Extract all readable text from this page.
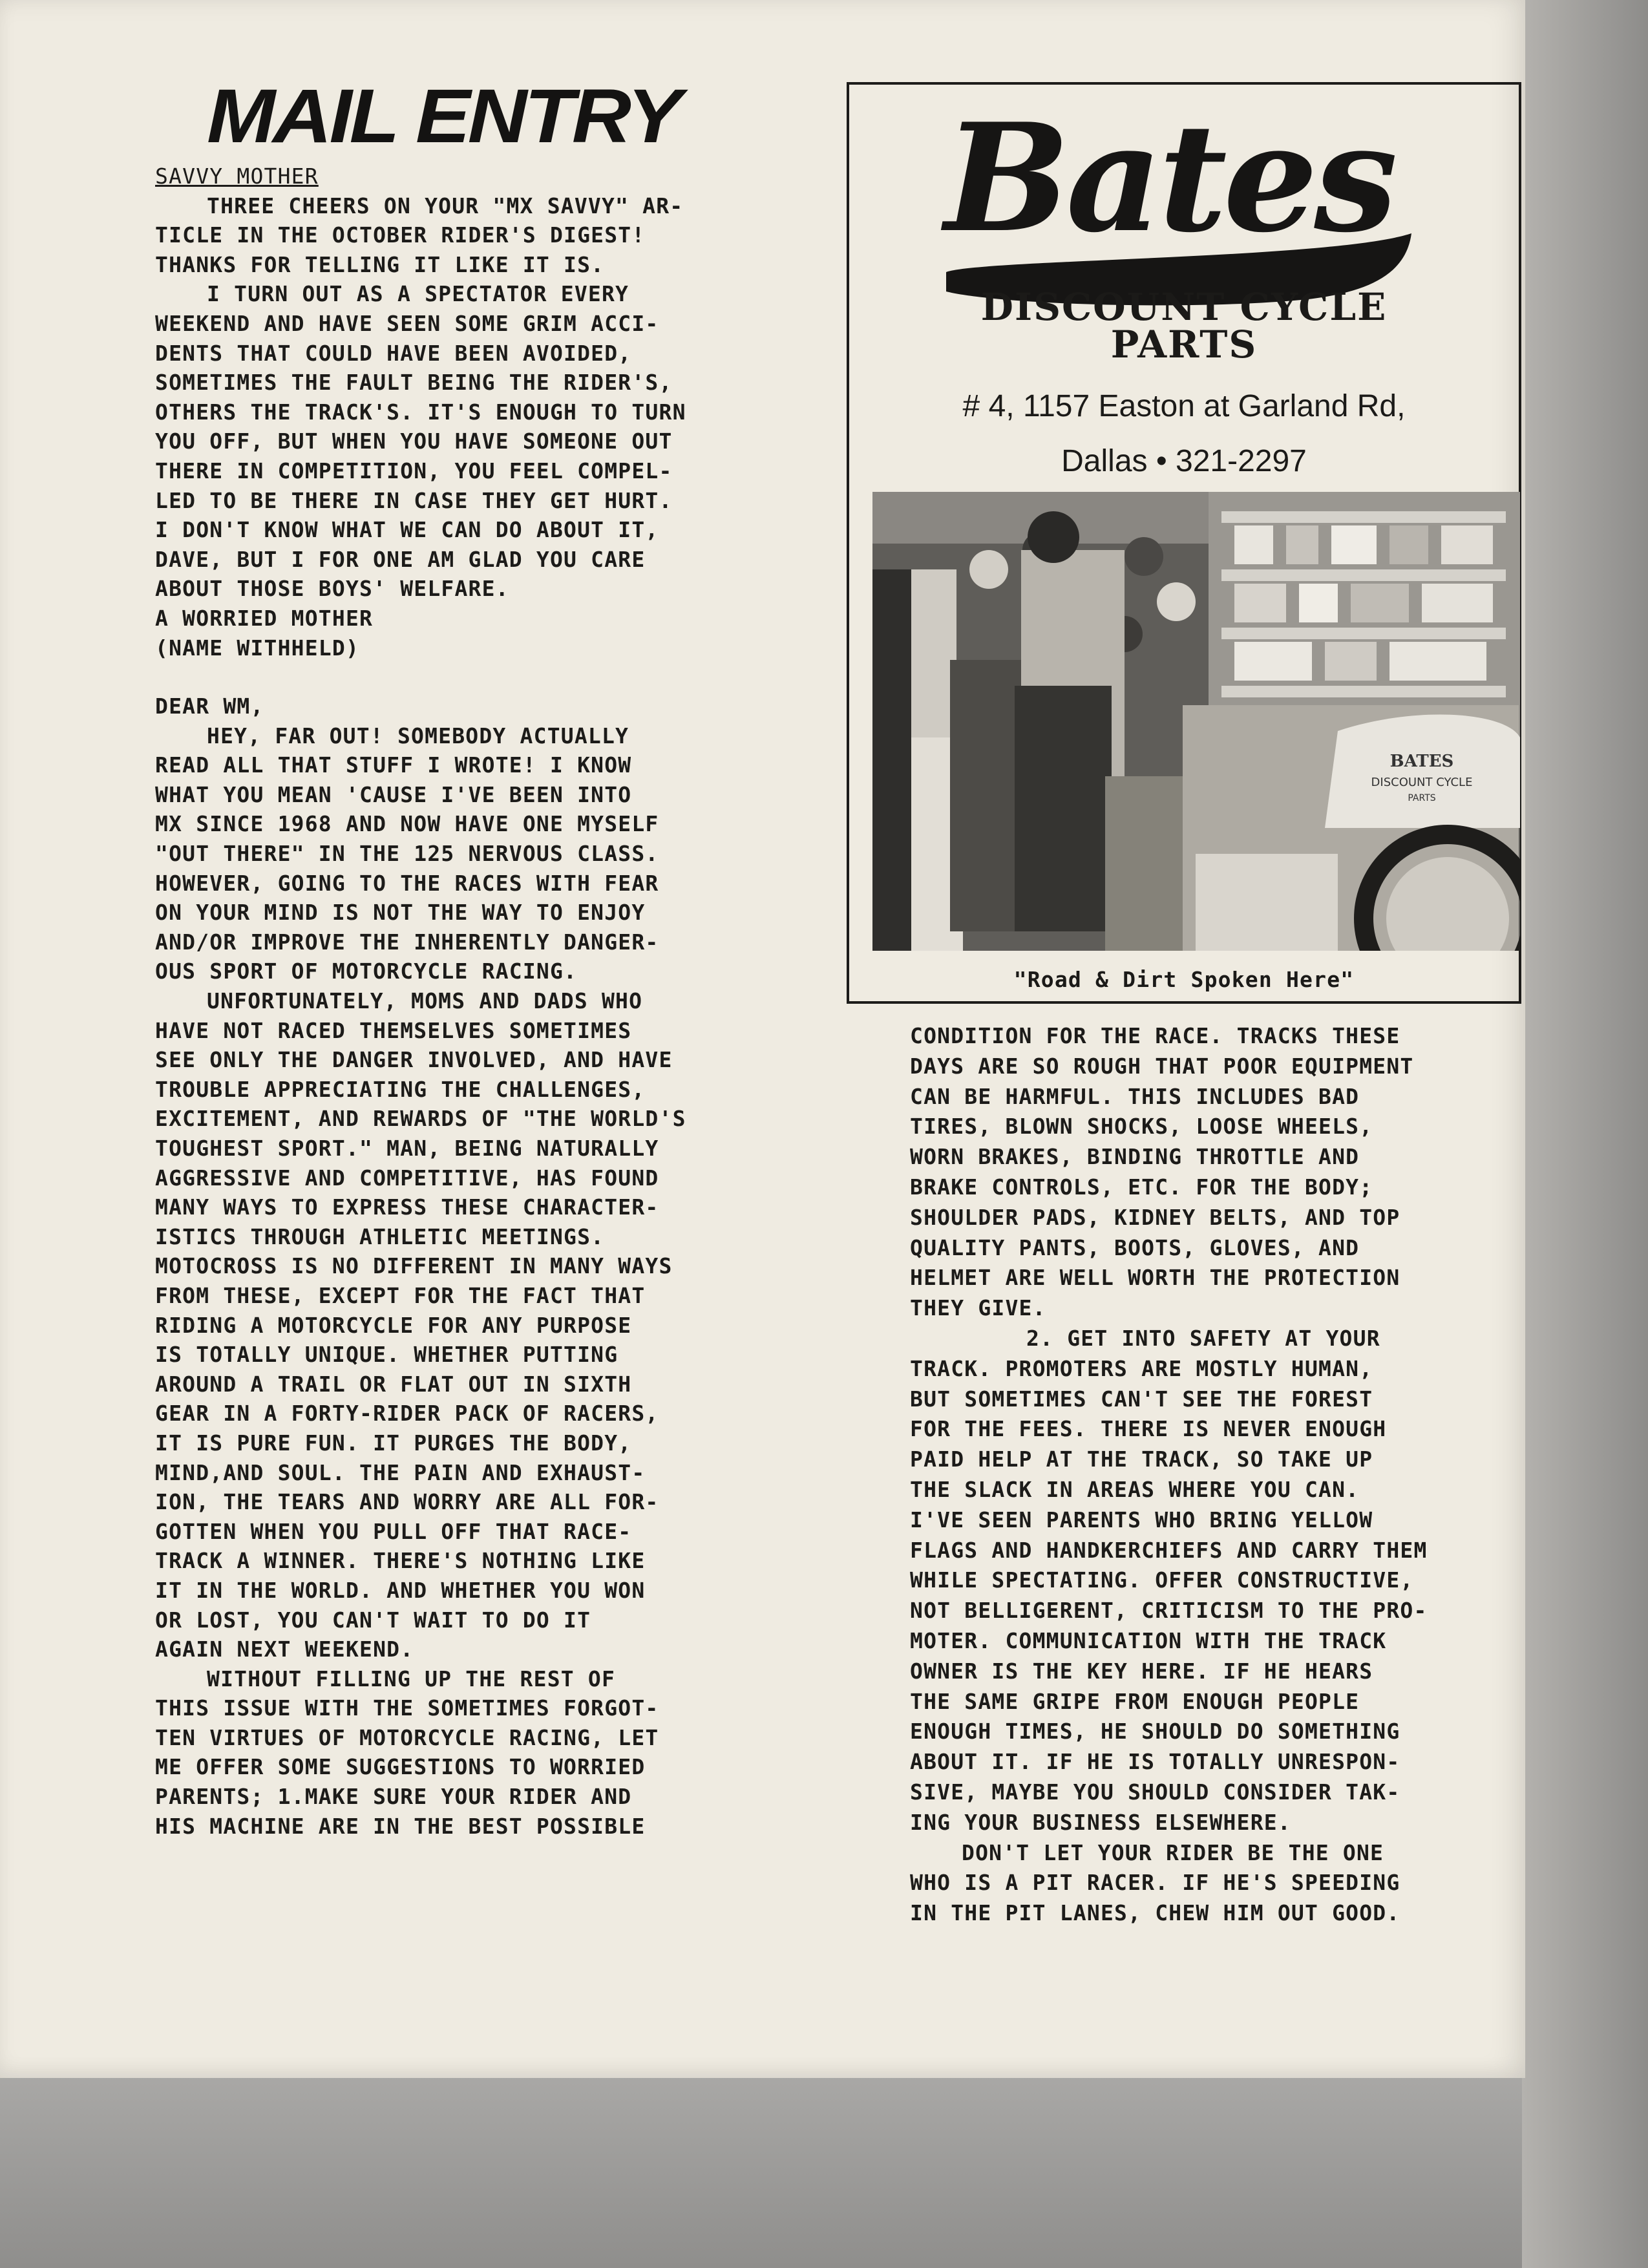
MAIL ENTRY

SAVVY MOTHER

THREE CHEERS ON YOUR "MX SAVVY" AR-

TICLE IN THE OCTOBER RIDER'S DIGEST!

THANKS FOR TELLING IT LIKE IT IS.

I TURN OUT AS A SPECTATOR EVERY

WEEKEND AND HAVE SEEN SOME GRIM ACCI-

DENTS THAT COULD HAVE BEEN AVOIDED,

SOMETIMES THE FAULT BEING THE RIDER'S,

OTHERS THE TRACK'S. IT'S ENOUGH TO TURN

YOU OFF, BUT WHEN YOU HAVE SOMEONE OUT

THERE IN COMPETITION, YOU FEEL COMPEL-

LED TO BE THERE IN CASE THEY GET HURT.

I DON'T KNOW WHAT WE CAN DO ABOUT IT,

DAVE, BUT I FOR ONE AM GLAD YOU CARE

ABOUT THOSE BOYS' WELFARE.

A WORRIED MOTHER

(NAME WITHHELD)

DEAR WM,

HEY, FAR OUT! SOMEBODY ACTUALLY

READ ALL THAT STUFF I WROTE! I KNOW

WHAT YOU MEAN 'CAUSE I'VE BEEN INTO

MX SINCE 1968 AND NOW HAVE ONE MYSELF

"OUT THERE" IN THE 125 NERVOUS CLASS.

HOWEVER, GOING TO THE RACES WITH FEAR

ON YOUR MIND IS NOT THE WAY TO ENJOY

AND/OR IMPROVE THE INHERENTLY DANGER-

OUS SPORT OF MOTORCYCLE RACING.

UNFORTUNATELY, MOMS AND DADS WHO

HAVE NOT RACED THEMSELVES SOMETIMES

SEE ONLY THE DANGER INVOLVED, AND HAVE

TROUBLE APPRECIATING THE CHALLENGES,

EXCITEMENT, AND REWARDS OF "THE WORLD'S

TOUGHEST SPORT." MAN, BEING NATURALLY

AGGRESSIVE AND COMPETITIVE, HAS FOUND

MANY WAYS TO EXPRESS THESE CHARACTER-

ISTICS THROUGH ATHLETIC MEETINGS.

MOTOCROSS IS NO DIFFERENT IN MANY WAYS

FROM THESE, EXCEPT FOR THE FACT THAT

RIDING A MOTORCYCLE FOR ANY PURPOSE

IS TOTALLY UNIQUE. WHETHER PUTTING

AROUND A TRAIL OR FLAT OUT IN SIXTH

GEAR IN A FORTY-RIDER PACK OF RACERS,

IT IS PURE FUN. IT PURGES THE BODY,

MIND,AND SOUL. THE PAIN AND EXHAUST-

ION, THE TEARS AND WORRY ARE ALL FOR-

GOTTEN WHEN YOU PULL OFF THAT RACE-

TRACK A WINNER. THERE'S NOTHING LIKE

IT IN THE WORLD. AND WHETHER YOU WON

OR LOST, YOU CAN'T WAIT TO DO IT

AGAIN NEXT WEEKEND.

WITHOUT FILLING UP THE REST OF

THIS ISSUE WITH THE SOMETIMES FORGOT-

TEN VIRTUES OF MOTORCYCLE RACING, LET

ME OFFER SOME SUGGESTIONS TO WORRIED

PARENTS; 1.MAKE SURE YOUR RIDER AND

HIS MACHINE ARE IN THE BEST POSSIBLE

Bates
DISCOUNT CYCLE
PARTS
# 4, 1157 Easton at Garland Rd,
Dallas • 321-2297
BATES
DISCOUNT CYCLE
PARTS
"Road & Dirt Spoken Here"

CONDITION FOR THE RACE. TRACKS THESE

DAYS ARE SO ROUGH THAT POOR EQUIPMENT

CAN BE HARMFUL. THIS INCLUDES BAD

TIRES, BLOWN SHOCKS, LOOSE WHEELS,

WORN BRAKES, BINDING THROTTLE AND

BRAKE CONTROLS, ETC. FOR THE BODY;

SHOULDER PADS, KIDNEY BELTS, AND TOP

QUALITY PANTS, BOOTS, GLOVES, AND

HELMET ARE WELL WORTH THE PROTECTION

THEY GIVE.

2. GET INTO SAFETY AT YOUR

TRACK. PROMOTERS ARE MOSTLY HUMAN,

BUT SOMETIMES CAN'T SEE THE FOREST

FOR THE FEES. THERE IS NEVER ENOUGH

PAID HELP AT THE TRACK, SO TAKE UP

THE SLACK IN AREAS WHERE YOU CAN.

I'VE SEEN PARENTS WHO BRING YELLOW

FLAGS AND HANDKERCHIEFS AND CARRY THEM

WHILE SPECTATING. OFFER CONSTRUCTIVE,

NOT BELLIGERENT, CRITICISM TO THE PRO-

MOTER. COMMUNICATION WITH THE TRACK

OWNER IS THE KEY HERE. IF HE HEARS

THE SAME GRIPE FROM ENOUGH PEOPLE

ENOUGH TIMES, HE SHOULD DO SOMETHING

ABOUT IT. IF HE IS TOTALLY UNRESPON-

SIVE, MAYBE YOU SHOULD CONSIDER TAK-

ING YOUR BUSINESS ELSEWHERE.

DON'T LET YOUR RIDER BE THE ONE

WHO IS A PIT RACER. IF HE'S SPEEDING

IN THE PIT LANES, CHEW HIM OUT GOOD.
